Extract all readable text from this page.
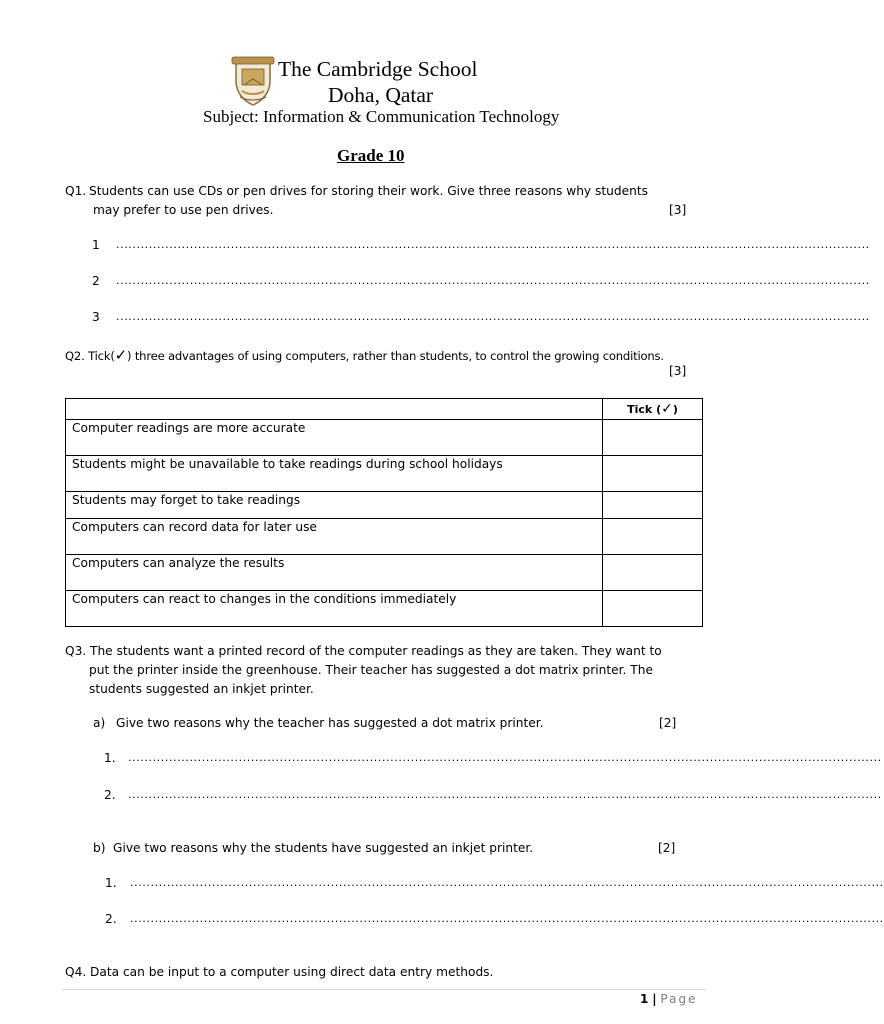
The Cambridge School
Doha, Qatar
Subject: Information & Communication Technology
Grade 10
Q1. Students can use CDs or pen drives for storing their work. Give three reasons why students
may prefer to use pen drives.	[3]
1 ........................................................................................................................................................................................
2 ........................................................................................................................................................................................
3 ........................................................................................................................................................................................
Q2. Tick(✓) three advantages of using computers, rather than students, to control the growing conditions.
[3]
	Tick (✓)
Computer readings are more accurate	
Students might be unavailable to take readings during school holidays	
Students may forget to take readings	
Computers can record data for later use	
Computers can analyze the results	
Computers can react to changes in the conditions immediately	
Q3. The students want a printed record of the computer readings as they are taken. They want to
put the printer inside the greenhouse. Their teacher has suggested a dot matrix printer. The
students suggested an inkjet printer.
a) Give two reasons why the teacher has suggested a dot matrix printer.	[2]
1. ........................................................................................................................................................................................
2. ........................................................................................................................................................................................
b) Give two reasons why the students have suggested an inkjet printer.	[2]
1. ........................................................................................................................................................................................
2. ........................................................................................................................................................................................
Q4. Data can be input to a computer using direct data entry methods.
1 | Page
